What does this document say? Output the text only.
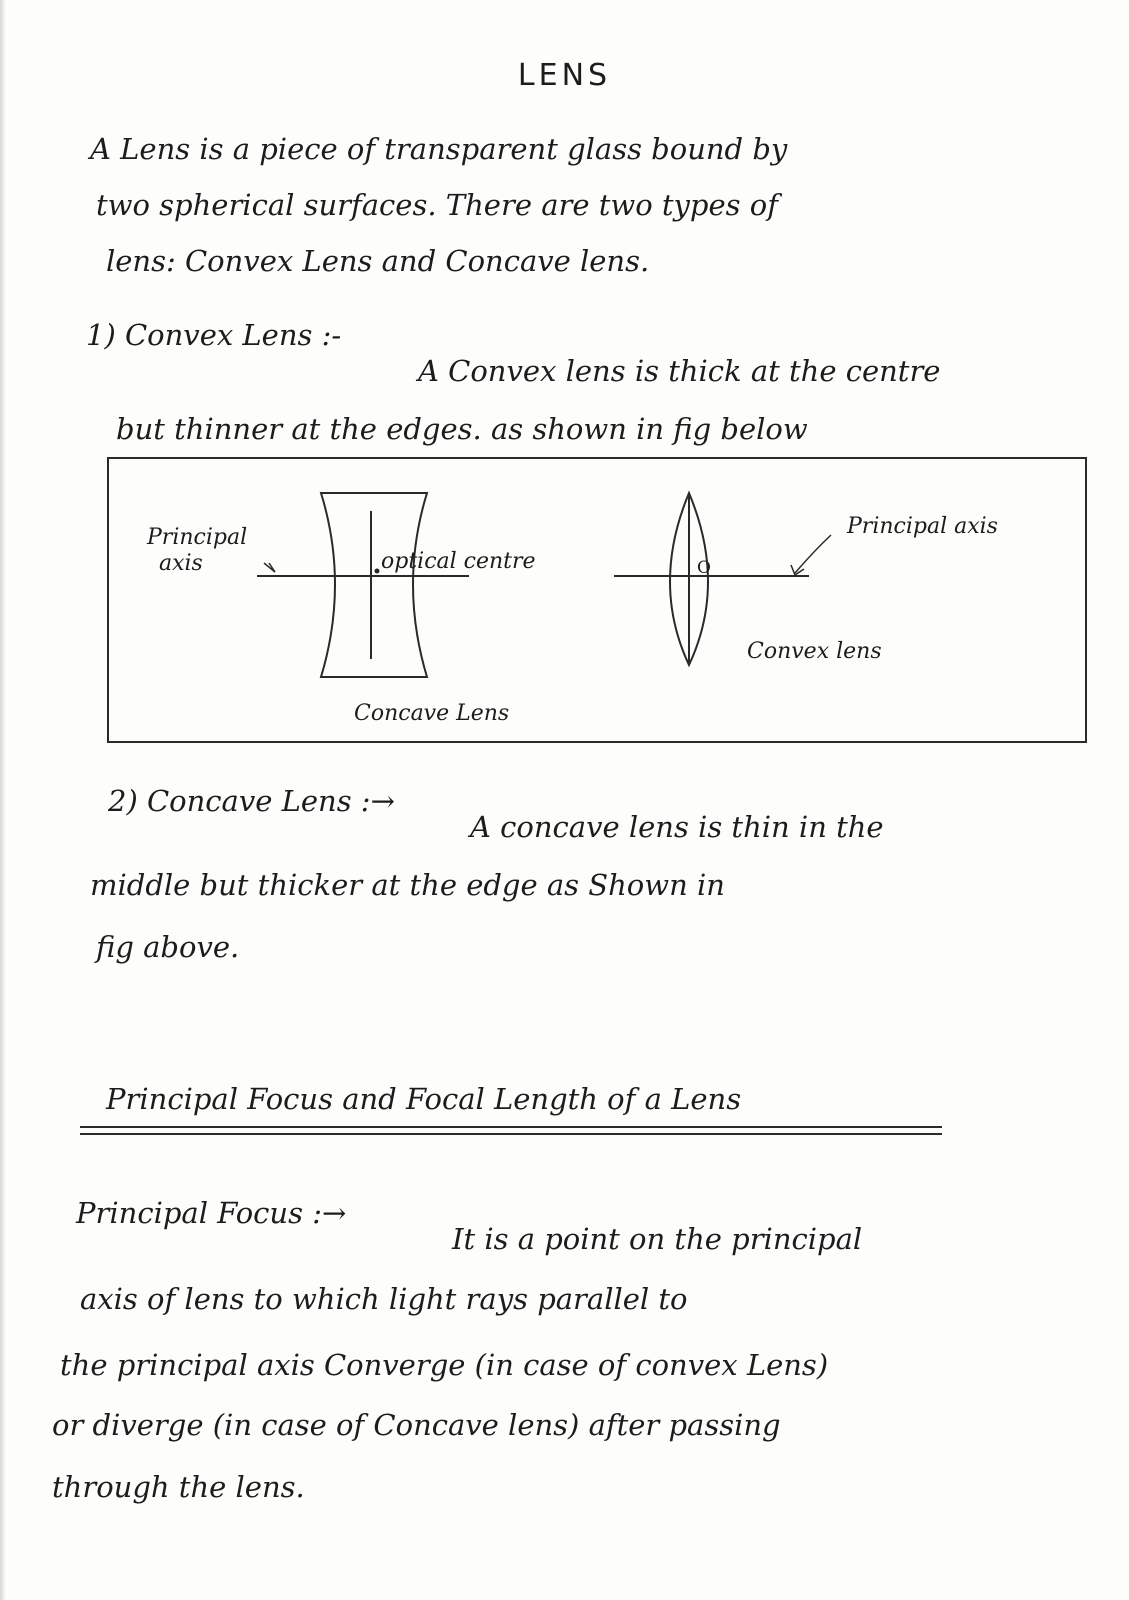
LENS
A Lens is a piece of transparent glass bound by
two spherical surfaces. There are two types of
lens: Convex Lens and Concave lens.
1) Convex Lens :-
A Convex lens is thick at the centre
but thinner at the edges. as shown in fig below
Principal
axis	optical centre	O
Concave Lens
Principal axis
Convex lens
2) Concave Lens :→
A concave lens is thin in the
middle but thicker at the edge as Shown in
fig above.
Principal Focus and Focal Length of a Lens
Principal Focus :→
It is a point on the principal
axis of lens to which light rays parallel to
the principal axis Converge (in case of convex Lens)
or diverge (in case of Concave lens) after passing
through the lens.
